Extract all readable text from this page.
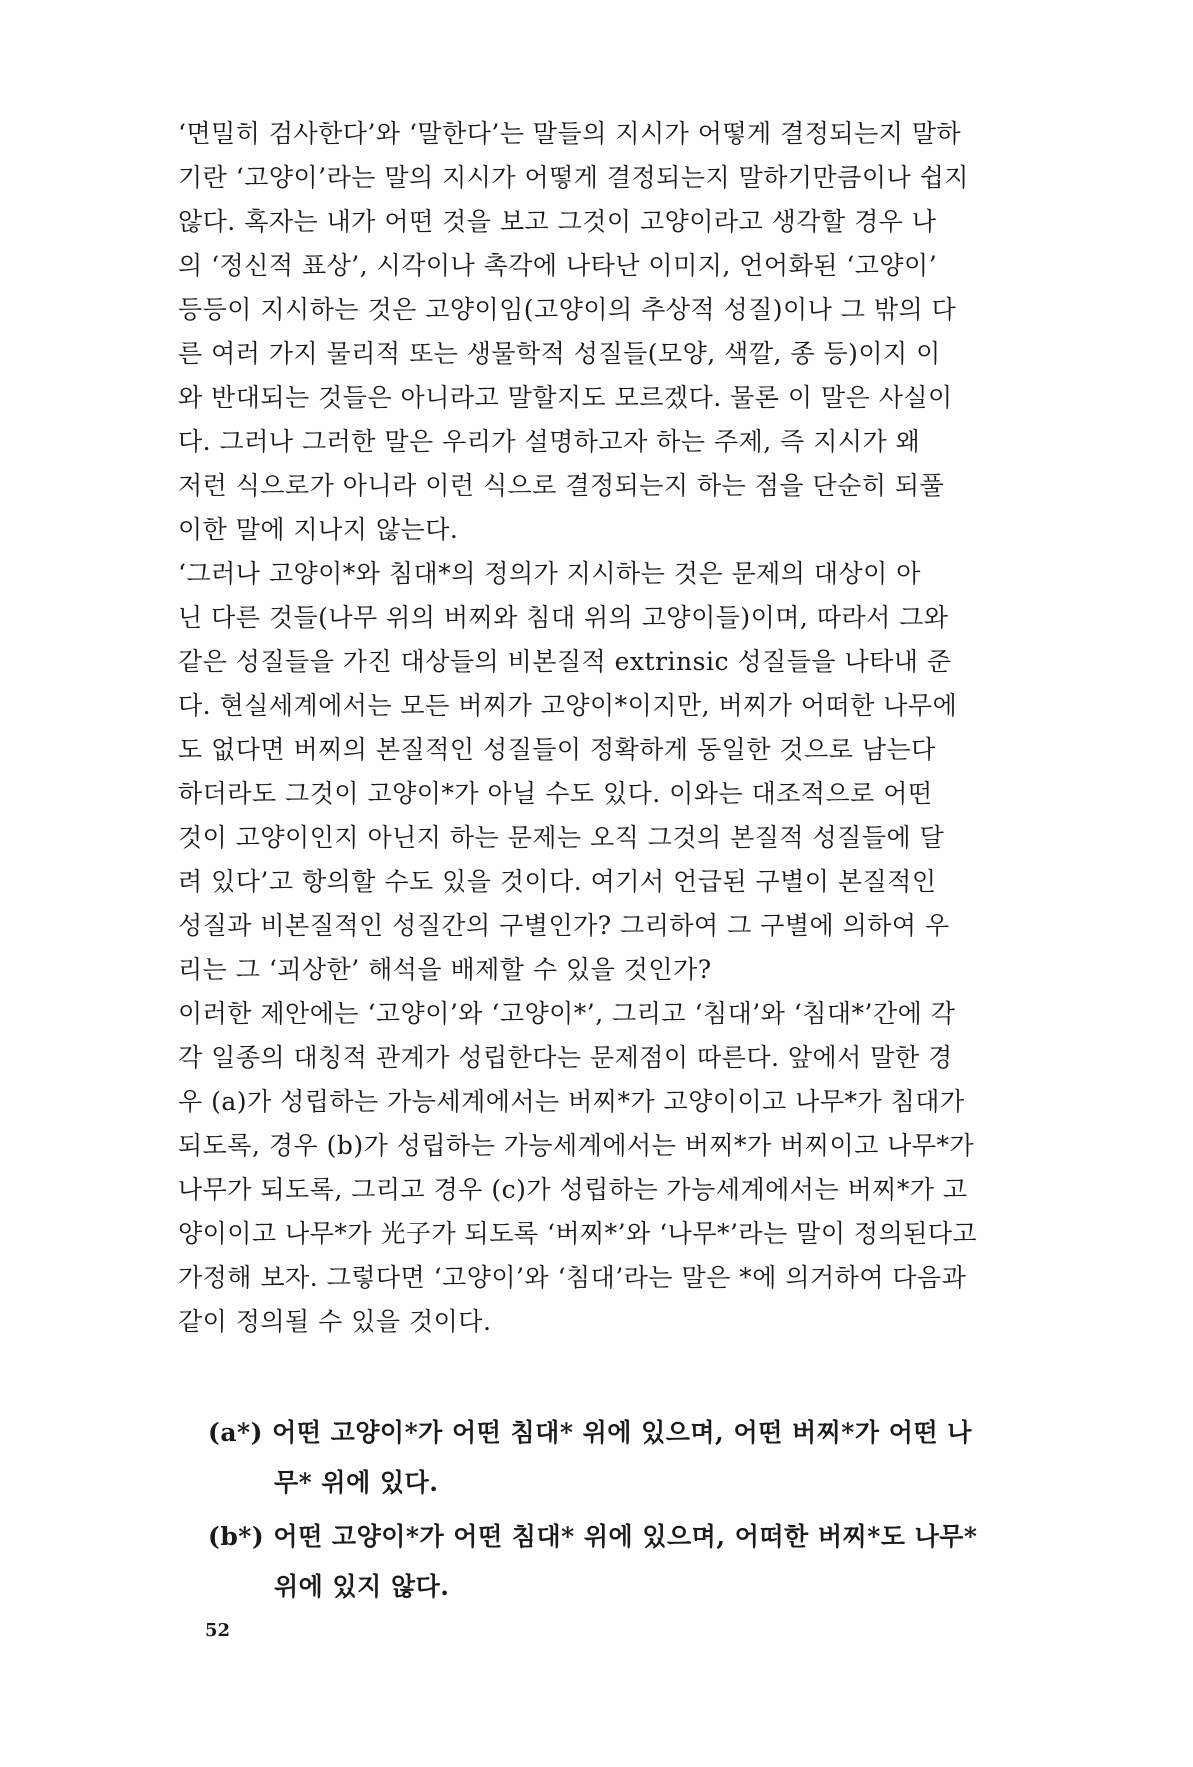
‘면밀히 검사한다’와 ‘말한다’는 말들의 지시가 어떻게 결정되는지 말하
기란 ‘고양이’라는 말의 지시가 어떻게 결정되는지 말하기만큼이나 쉽지
않다. 혹자는 내가 어떤 것을 보고 그것이 고양이라고 생각할 경우 나
의 ‘정신적 표상’, 시각이나 촉각에 나타난 이미지, 언어화된 ‘고양이’
등등이 지시하는 것은 고양이임(고양이의 추상적 성질)이나 그 밖의 다
른 여러 가지 물리적 또는 생물학적 성질들(모양, 색깔, 종 등)이지 이
와 반대되는 것들은 아니라고 말할지도 모르겠다. 물론 이 말은 사실이
다. 그러나 그러한 말은 우리가 설명하고자 하는 주제, 즉 지시가 왜
저런 식으로가 아니라 이런 식으로 결정되는지 하는 점을 단순히 되풀
이한 말에 지나지 않는다.
‘그러나 고양이*와 침대*의 정의가 지시하는 것은 문제의 대상이 아
닌 다른 것들(나무 위의 버찌와 침대 위의 고양이들)이며, 따라서 그와
같은 성질들을 가진 대상들의 비본질적 extrinsic 성질들을 나타내 준
다. 현실세계에서는 모든 버찌가 고양이*이지만, 버찌가 어떠한 나무에
도 없다면 버찌의 본질적인 성질들이 정확하게 동일한 것으로 남는다
하더라도 그것이 고양이*가 아닐 수도 있다. 이와는 대조적으로 어떤
것이 고양이인지 아닌지 하는 문제는 오직 그것의 본질적 성질들에 달
려 있다’고 항의할 수도 있을 것이다. 여기서 언급된 구별이 본질적인
성질과 비본질적인 성질간의 구별인가? 그리하여 그 구별에 의하여 우
리는 그 ‘괴상한’ 해석을 배제할 수 있을 것인가?
이러한 제안에는 ‘고양이’와 ‘고양이*’, 그리고 ‘침대’와 ‘침대*’간에 각
각 일종의 대칭적 관계가 성립한다는 문제점이 따른다. 앞에서 말한 경
우 (a)가 성립하는 가능세계에서는 버찌*가 고양이이고 나무*가 침대가
되도록, 경우 (b)가 성립하는 가능세계에서는 버찌*가 버찌이고 나무*가
나무가 되도록, 그리고 경우 (c)가 성립하는 가능세계에서는 버찌*가 고
양이이고 나무*가 光子가 되도록 ‘버찌*’와 ‘나무*’라는 말이 정의된다고
가정해 보자. 그렇다면 ‘고양이’와 ‘침대’라는 말은 *에 의거하여 다음과
같이 정의될 수 있을 것이다.
(a*) 어떤 고양이*가 어떤 침대* 위에 있으며, 어떤 버찌*가 어떤 나
무* 위에 있다.
(b*) 어떤 고양이*가 어떤 침대* 위에 있으며, 어떠한 버찌*도 나무*
위에 있지 않다.
52
